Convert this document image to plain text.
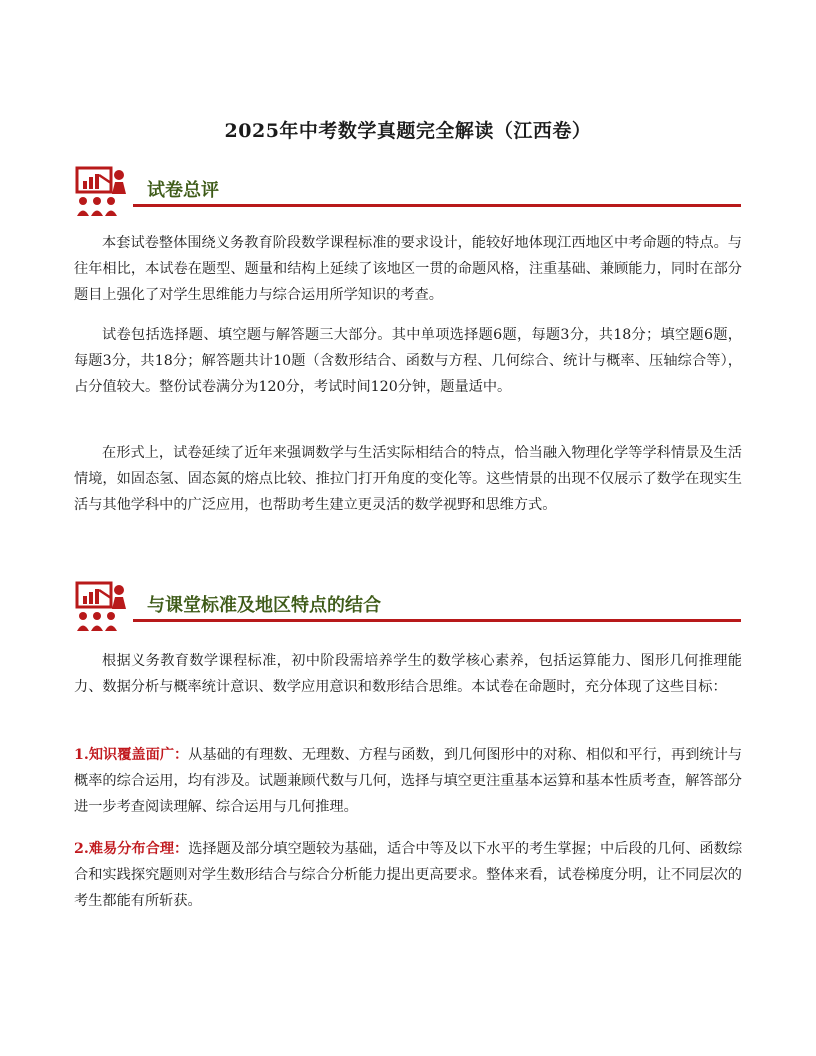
2025年中考数学真题完全解读（江西卷）
试卷总评

本套试卷整体围绕义务教育阶段数学课程标准的要求设计，能较好地体现江西地区中考命题的特点。与往年相比，本试卷在题型、题量和结构上延续了该地区一贯的命题风格，注重基础、兼顾能力，同时在部分题目上强化了对学生思维能力与综合运用所学知识的考查。

试卷包括选择题、填空题与解答题三大部分。其中单项选择题6题，每题3分，共18分；填空题6题，每题3分，共18分；解答题共计10题（含数形结合、函数与方程、几何综合、统计与概率、压轴综合等），占分值较大。整份试卷满分为120分，考试时间120分钟，题量适中。

在形式上，试卷延续了近年来强调数学与生活实际相结合的特点，恰当融入物理化学等学科情景及生活情境，如固态氢、固态氮的熔点比较、推拉门打开角度的变化等。这些情景的出现不仅展示了数学在现实生活与其他学科中的广泛应用，也帮助考生建立更灵活的数学视野和思维方式。

与课堂标准及地区特点的结合

根据义务教育数学课程标准，初中阶段需培养学生的数学核心素养，包括运算能力、图形几何推理能力、数据分析与概率统计意识、数学应用意识和数形结合思维。本试卷在命题时，充分体现了这些目标：

1.知识覆盖面广：从基础的有理数、无理数、方程与函数，到几何图形中的对称、相似和平行，再到统计与概率的综合运用，均有涉及。试题兼顾代数与几何，选择与填空更注重基本运算和基本性质考查，解答部分进一步考查阅读理解、综合运用与几何推理。

2.难易分布合理：选择题及部分填空题较为基础，适合中等及以下水平的考生掌握；中后段的几何、函数综合和实践探究题则对学生数形结合与综合分析能力提出更高要求。整体来看，试卷梯度分明，让不同层次的考生都能有所斩获。
